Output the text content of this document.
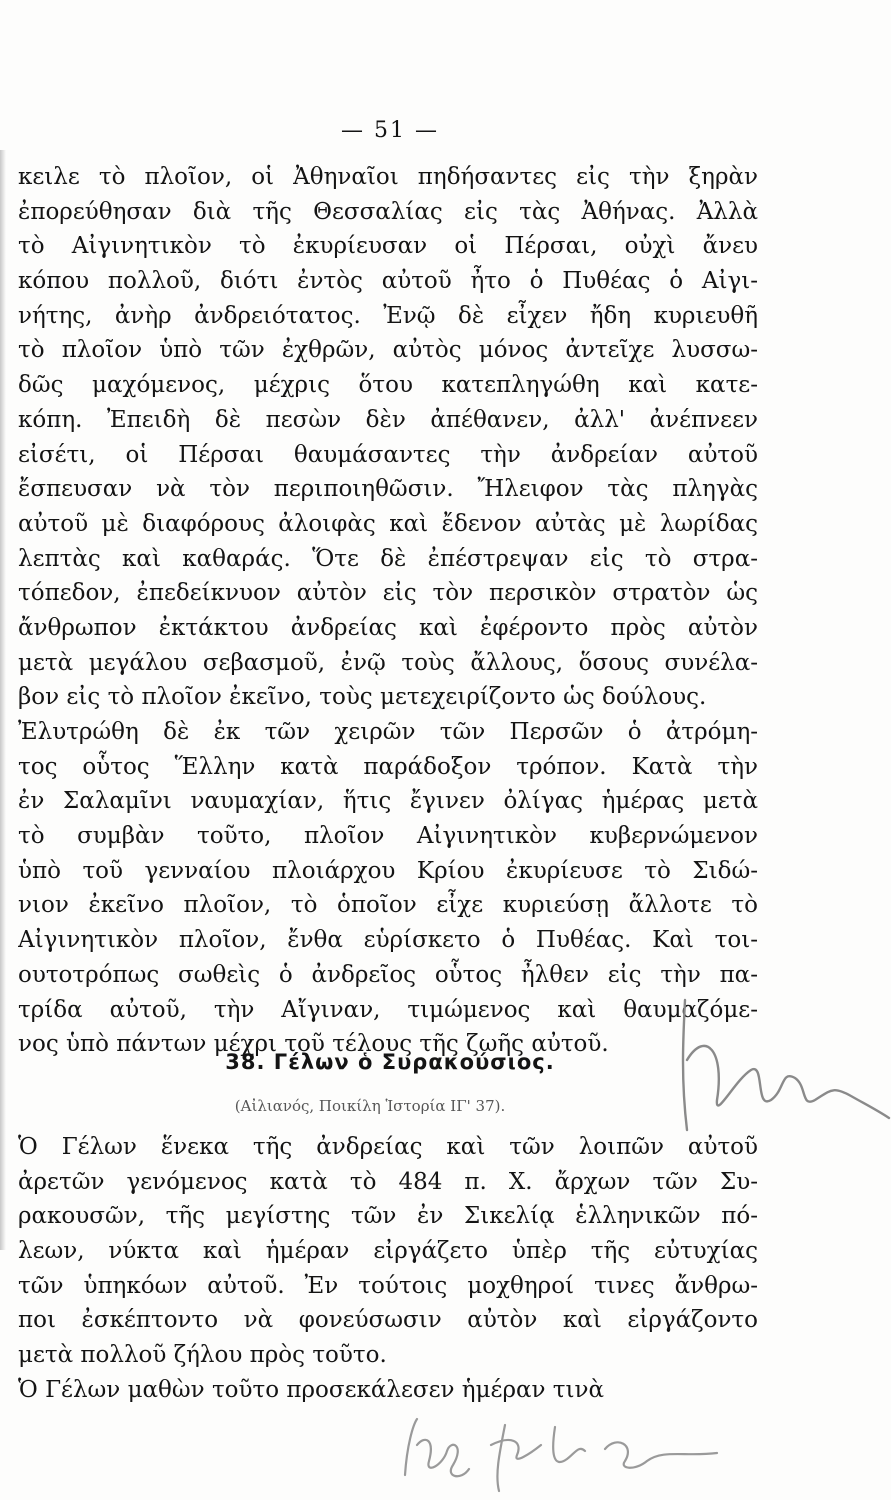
— 51 —
κειλε τὸ πλοῖον, οἱ Ἀθηναῖοι πηδήσαντες εἰς τὴν ξηρὰν
ἐπορεύθησαν διὰ τῆς Θεσσαλίας εἰς τὰς Ἀθήνας. Ἀλλὰ
τὸ Αἰγινητικὸν τὸ ἐκυρίευσαν οἱ Πέρσαι, οὐχὶ ἄνευ
κόπου πολλοῦ, διότι ἐντὸς αὐτοῦ ἦτο ὁ Πυθέας ὁ Αἰγι-
νήτης, ἀνὴρ ἀνδρειότατος. Ἐνῷ δὲ εἶχεν ἤδη κυριευθῆ
τὸ πλοῖον ὑπὸ τῶν ἐχθρῶν, αὐτὸς μόνος ἀντεῖχε λυσσω-
δῶς μαχόμενος, μέχρις ὅτου κατεπληγώθη καὶ κατε-
κόπη. Ἐπειδὴ δὲ πεσὼν δὲν ἀπέθανεν, ἀλλ' ἀνέπνεεν
εἰσέτι, οἱ Πέρσαι θαυμάσαντες τὴν ἀνδρείαν αὐτοῦ
ἔσπευσαν νὰ τὸν περιποιηθῶσιν. Ἤλειφον τὰς πληγὰς
αὐτοῦ μὲ διαφόρους ἀλοιφὰς καὶ ἔδενον αὐτὰς μὲ λωρίδας
λεπτὰς καὶ καθαράς. Ὅτε δὲ ἐπέστρεψαν εἰς τὸ στρα-
τόπεδον, ἐπεδείκνυον αὐτὸν εἰς τὸν περσικὸν στρατὸν ὡς
ἄνθρωπον ἐκτάκτου ἀνδρείας καὶ ἐφέροντο πρὸς αὐτὸν
μετὰ μεγάλου σεβασμοῦ, ἐνῷ τοὺς ἄλλους, ὅσους συνέλα-
βον εἰς τὸ πλοῖον ἐκεῖνο, τοὺς μετεχειρίζοντο ὡς δούλους.
Ἐλυτρώθη δὲ ἐκ τῶν χειρῶν τῶν Περσῶν ὁ ἀτρόμη-
τος οὗτος Ἕλλην κατὰ παράδοξον τρόπον. Κατὰ τὴν
ἐν Σαλαμῖνι ναυμαχίαν, ἥτις ἔγινεν ὀλίγας ἡμέρας μετὰ
τὸ συμβὰν τοῦτο, πλοῖον Αἰγινητικὸν κυβερνώμενον
ὑπὸ τοῦ γενναίου πλοιάρχου Κρίου ἐκυρίευσε τὸ Σιδώ-
νιον ἐκεῖνο πλοῖον, τὸ ὁποῖον εἶχε κυριεύσῃ ἄλλοτε τὸ
Αἰγινητικὸν πλοῖον, ἔνθα εὑρίσκετο ὁ Πυθέας. Καὶ τοι-
ουτοτρόπως σωθεὶς ὁ ἀνδρεῖος οὗτος ἦλθεν εἰς τὴν πα-
τρίδα αὐτοῦ, τὴν Αἴγιναν, τιμώμενος καὶ θαυμαζόμε-
νος ὑπὸ πάντων μέχρι τοῦ τέλους τῆς ζωῆς αὐτοῦ.
38. Γέλων ὁ Συρακούσιος.
(Αἰλιανός, Ποικίλη Ἱστορία ΙΓ' 37).
Ὁ Γέλων ἕνεκα τῆς ἀνδρείας καὶ τῶν λοιπῶν αὐτοῦ
ἀρετῶν γενόμενος κατὰ τὸ 484 π. Χ. ἄρχων τῶν Συ-
ρακουσῶν, τῆς μεγίστης τῶν ἐν Σικελίᾳ ἑλληνικῶν πό-
λεων, νύκτα καὶ ἡμέραν εἰργάζετο ὑπὲρ τῆς εὐτυχίας
τῶν ὑπηκόων αὐτοῦ. Ἐν τούτοις μοχθηροί τινες ἄνθρω-
ποι ἐσκέπτοντο νὰ φονεύσωσιν αὐτὸν καὶ εἰργάζοντο
μετὰ πολλοῦ ζήλου πρὸς τοῦτο.
Ὁ Γέλων μαθὼν τοῦτο προσεκάλεσεν ἡμέραν τινὰ
